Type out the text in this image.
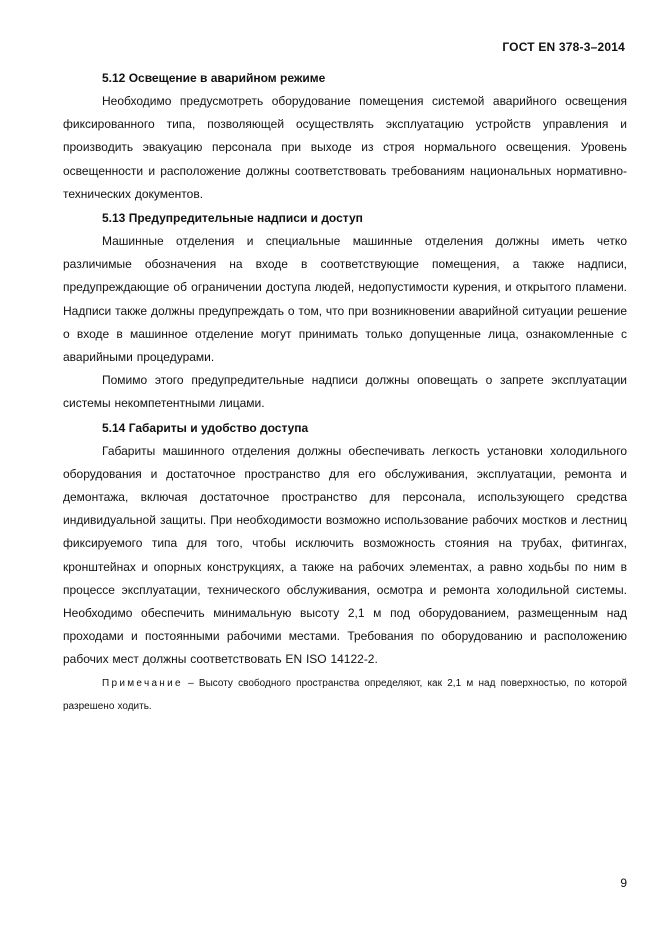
ГОСТ EN 378-3–2014
5.12 Освещение в аварийном режиме

Необходимо предусмотреть оборудование помещения системой аварийного освещения фиксированного типа, позволяющей осуществлять эксплуатацию устройств управления и производить эвакуацию персонала при выходе из строя нормального освещения. Уровень освещенности и расположение должны соответствовать требованиям национальных нормативно-технических документов.

5.13 Предупредительные надписи и доступ

Машинные отделения и специальные машинные отделения должны иметь четко различимые обозначения на входе в соответствующие помещения, а также надписи, предупреждающие об ограничении доступа людей, недопустимости курения, и открытого пламени. Надписи также должны предупреждать о том, что при возникновении аварийной ситуации решение о входе в машинное отделение могут принимать только допущенные лица, ознакомленные с аварийными процедурами.

Помимо этого предупредительные надписи должны оповещать о запрете эксплуатации системы некомпетентными лицами.

5.14 Габариты и удобство доступа

Габариты машинного отделения должны обеспечивать легкость установки холодильного оборудования и достаточное пространство для его обслуживания, эксплуатации, ремонта и демонтажа, включая достаточное пространство для персонала, использующего средства индивидуальной защиты. При необходимости возможно использование рабочих мостков и лестниц фиксируемого типа для того, чтобы исключить возможность стояния на трубах, фитингах, кронштейнах и опорных конструкциях, а также на рабочих элементах, а равно ходьбы по ним в процессе эксплуатации, технического обслуживания, осмотра и ремонта холодильной системы. Необходимо обеспечить минимальную высоту 2,1 м под оборудованием, размещенным над проходами и постоянными рабочими местами. Требования по оборудованию и расположению рабочих мест должны соответствовать EN ISO 14122-2.

Примечание – Высоту свободного пространства определяют, как 2,1 м над поверхностью, по которой разрешено ходить.

9
